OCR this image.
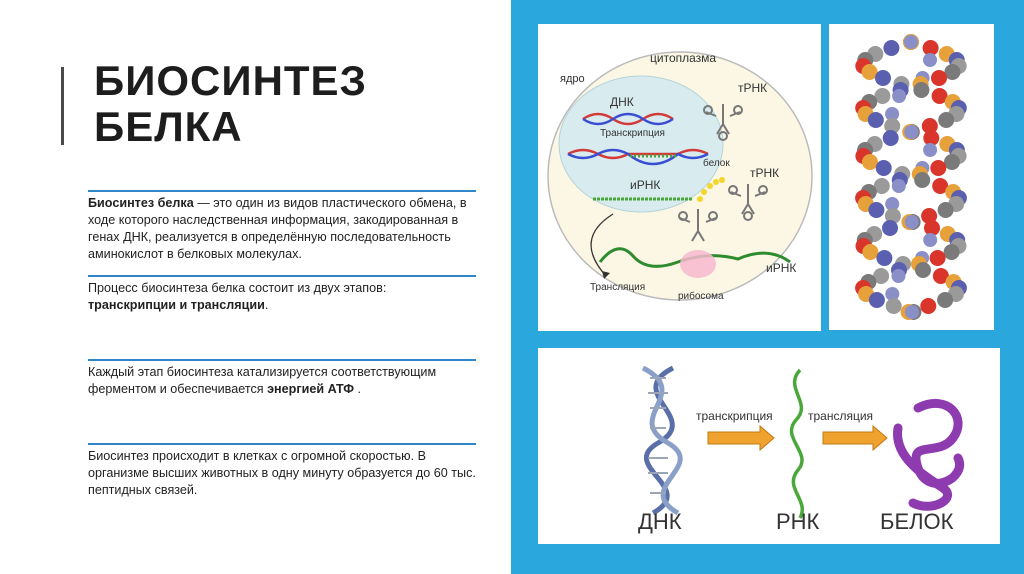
БИОСИНТЕЗ
БЕЛКА
Биосинтез белка — это один из видов пластического обмена, в ходе которого наследственная информация, закодированная в генах ДНК, реализуется в определённую последовательность аминокислот в белковых молекулах.
Процесс биосинтеза белка состоит из двух этапов:
транскрипции и трансляции.
Каждый этап биосинтеза катализируется соответствующим ферментом и обеспечивается энергией АТФ .
Биосинтез происходит в клетках с огромной скоростью. В организме высших животных в одну минуту образуется до 60 тыс. пептидных связей.
цитоплазма
ядро
ДНК
Транскрипция
иРНК
тРНК
тРНК
белок
иРНК
Трансляция
рибосома
транскрипция	трансляция
ДНК	РНК	БЕЛОК
